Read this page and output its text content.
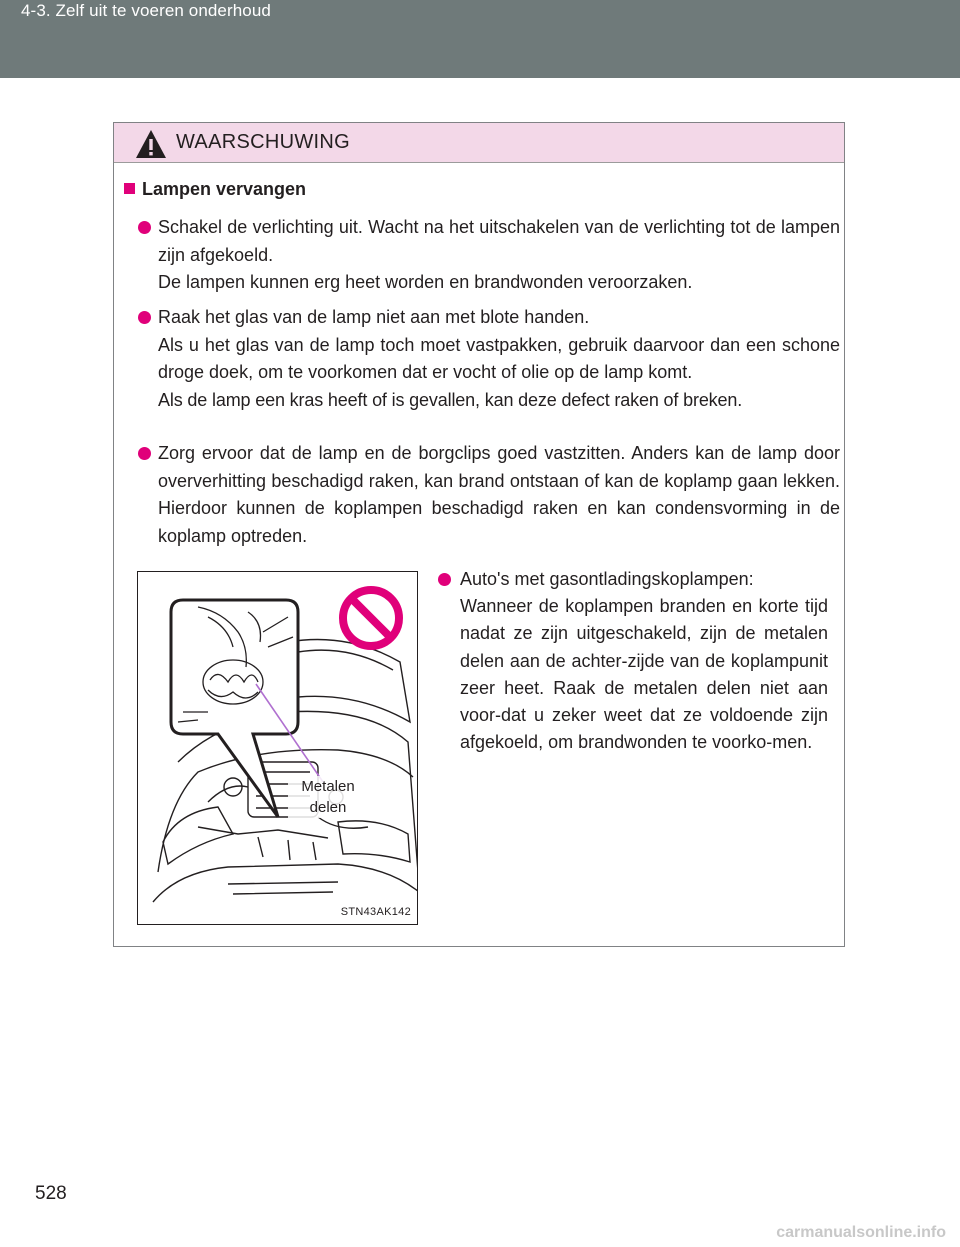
4-3. Zelf uit te voeren onderhoud
WAARSCHUWING
Lampen vervangen
Schakel de verlichting uit. Wacht na het uitschakelen van de verlichting tot de lampen zijn afgekoeld.
De lampen kunnen erg heet worden en brandwonden veroorzaken.
Raak het glas van de lamp niet aan met blote handen.
Als u het glas van de lamp toch moet vastpakken, gebruik daarvoor dan een schone droge doek, om te voorkomen dat er vocht of olie op de lamp komt.
Als de lamp een kras heeft of is gevallen, kan deze defect raken of breken.
Zorg ervoor dat de lamp en de borgclips goed vastzitten. Anders kan de lamp door oververhitting beschadigd raken, kan brand ontstaan of kan de koplamp gaan lekken. Hierdoor kunnen de koplampen beschadigd raken en kan condensvorming in de koplamp optreden.
Metalen
delen
STN43AK142
Auto's met gasontladingskoplampen:
Wanneer de koplampen branden en korte tijd nadat ze zijn uitgeschakeld, zijn de metalen delen aan de achter-zijde van de koplampunit zeer heet. Raak de metalen delen niet aan voor-dat u zeker weet dat ze voldoende zijn afgekoeld, om brandwonden te voorko-men.
528
carmanualsonline.info
